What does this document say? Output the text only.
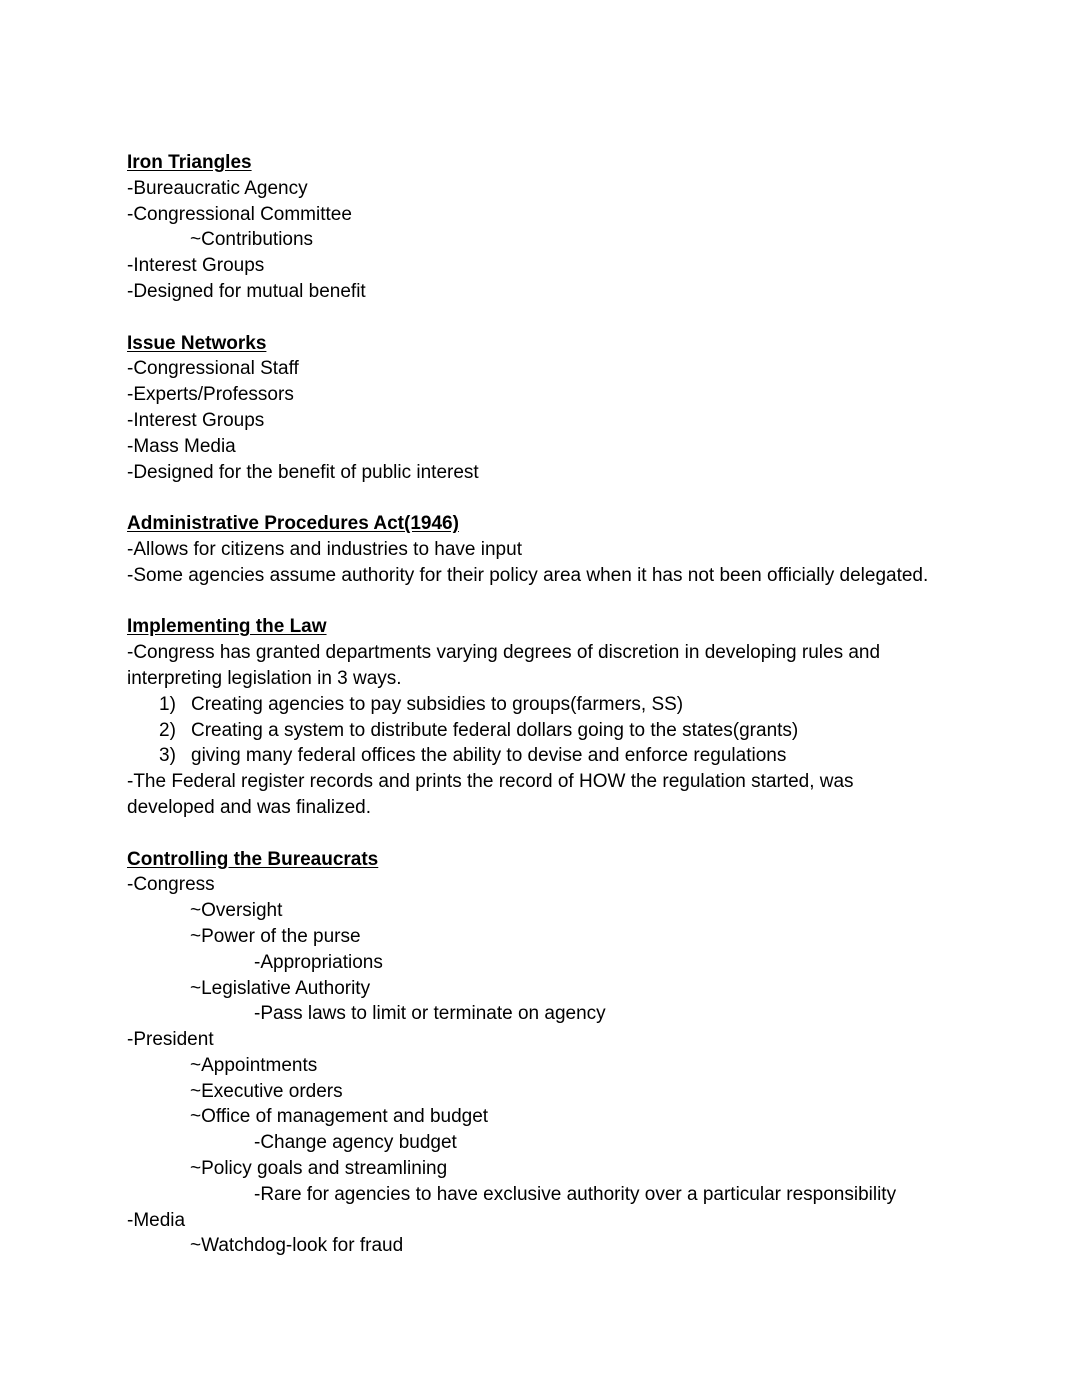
Iron Triangles
-Bureaucratic Agency
-Congressional Committee
~Contributions
-Interest Groups
-Designed for mutual benefit
Issue Networks
-Congressional Staff
-Experts/Professors
-Interest Groups
-Mass Media
-Designed for the benefit of public interest
Administrative Procedures Act(1946)
-Allows for citizens and industries to have input
-Some agencies assume authority for their policy area when it has not been officially delegated.
Implementing the Law
-Congress has granted departments varying degrees of discretion in developing rules and interpreting legislation in 3 ways.
1) Creating agencies to pay subsidies to groups(farmers, SS)
2) Creating a system to distribute federal dollars going to the states(grants)
3) giving many federal offices the ability to devise and enforce regulations
-The Federal register records and prints the record of HOW the regulation started, was developed and was finalized.
Controlling the Bureaucrats
-Congress
~Oversight
~Power of the purse
-Appropriations
~Legislative Authority
-Pass laws to limit or terminate on agency
-President
~Appointments
~Executive orders
~Office of management and budget
-Change agency budget
~Policy goals and streamlining
-Rare for agencies to have exclusive authority over a particular responsibility
-Media
~Watchdog-look for fraud
